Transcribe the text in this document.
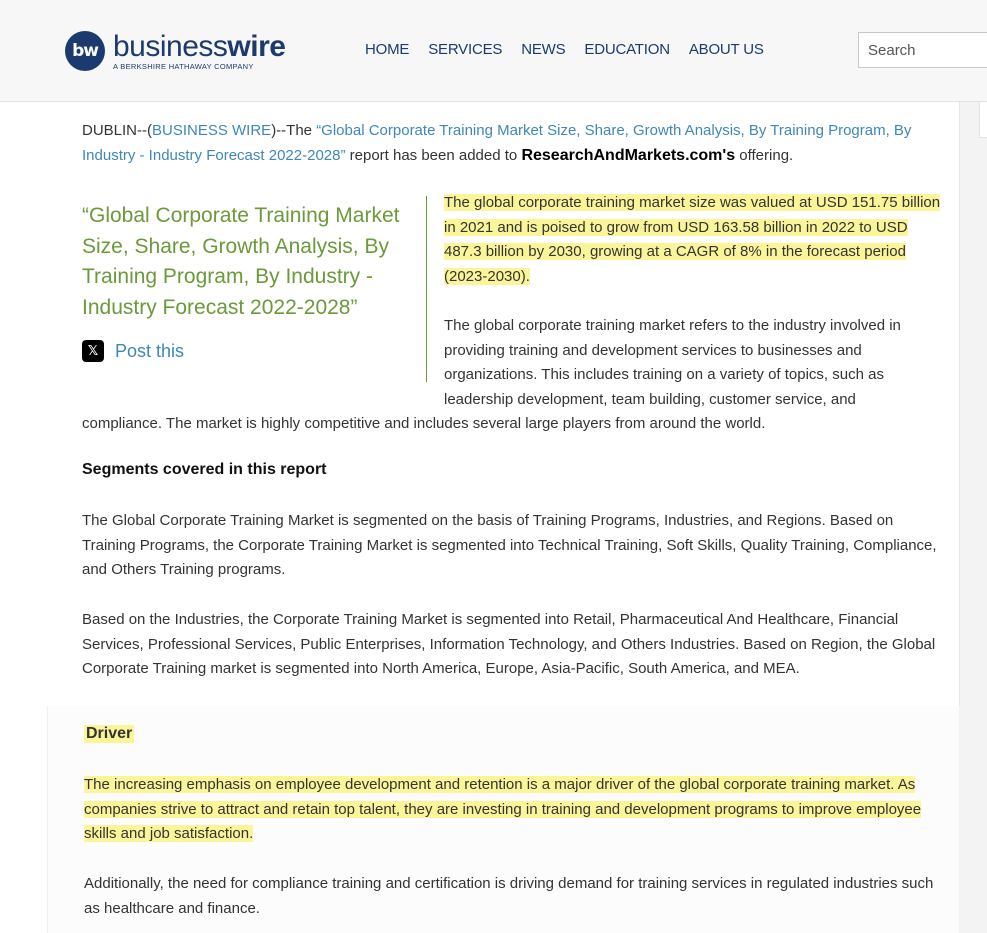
bw businesswire
A BERKSHIRE HATHAWAY COMPANY
HOME SERVICES NEWS EDUCATION ABOUT US
Search

DUBLIN--(BUSINESS WIRE)--The “Global Corporate Training Market Size, Share, Growth Analysis, By Training Program, By Industry - Industry Forecast 2022-2028” report has been added to ResearchAndMarkets.com's offering.

“Global Corporate Training Market Size, Share, Growth Analysis, By Training Program, By Industry - Industry Forecast 2022-2028”

𝕏 Post this

The global corporate training market size was valued at USD 151.75 billion in 2021 and is poised to grow from USD 163.58 billion in 2022 to USD 487.3 billion by 2030, growing at a CAGR of 8% in the forecast period (2023-2030).

The global corporate training market refers to the industry involved in providing training and development services to businesses and organizations. This includes training on a variety of topics, such as leadership development, team building, customer service, and

compliance. The market is highly competitive and includes several large players from around the world.

Segments covered in this report

The Global Corporate Training Market is segmented on the basis of Training Programs, Industries, and Regions. Based on Training Programs, the Corporate Training Market is segmented into Technical Training, Soft Skills, Quality Training, Compliance, and Others Training programs.

Based on the Industries, the Corporate Training Market is segmented into Retail, Pharmaceutical And Healthcare, Financial Services, Professional Services, Public Enterprises, Information Technology, and Others Industries. Based on Region, the Global Corporate Training market is segmented into North America, Europe, Asia-Pacific, South America, and MEA.

Driver

The increasing emphasis on employee development and retention is a major driver of the global corporate training market. As companies strive to attract and retain top talent, they are investing in training and development programs to improve employee skills and job satisfaction.

Additionally, the need for compliance training and certification is driving demand for training services in regulated industries such as healthcare and finance.
